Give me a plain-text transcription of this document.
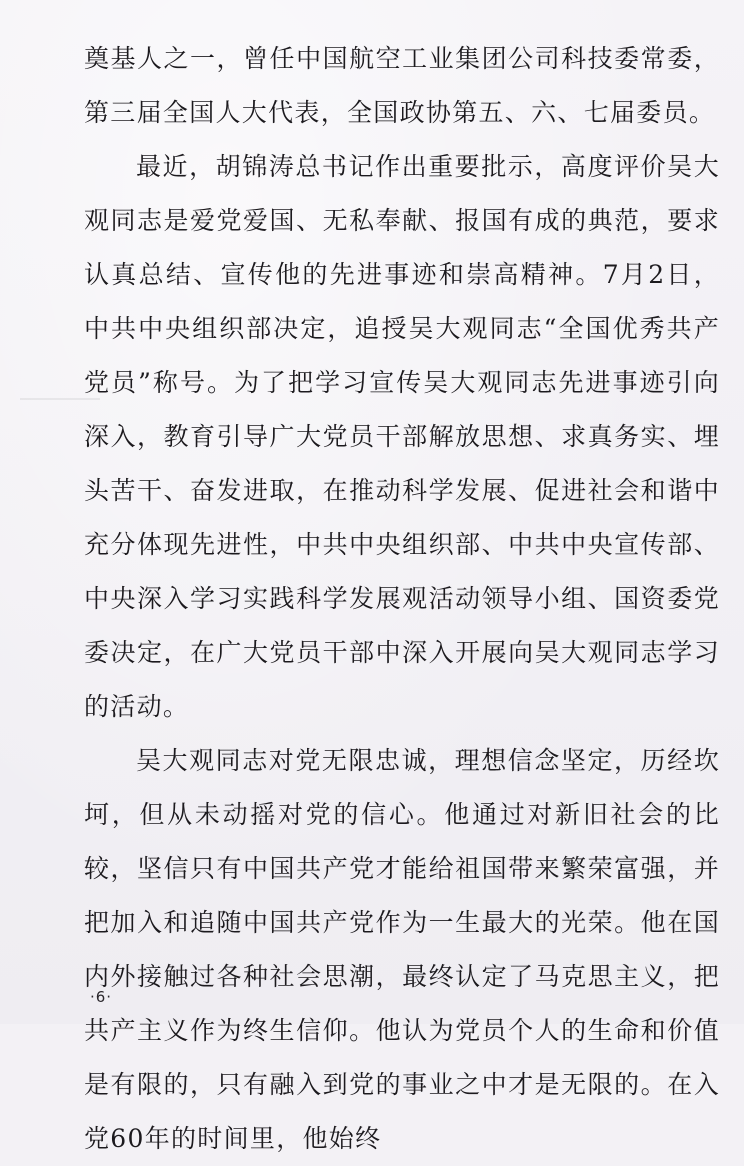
奠基人之一，曾任中国航空工业集团公司科技委常委，第三届全国人大代表，全国政协第五、六、七届委员。

最近，胡锦涛总书记作出重要批示，高度评价吴大观同志是爱党爱国、无私奉献、报国有成的典范，要求认真总结、宣传他的先进事迹和崇高精神。7月2日，中共中央组织部决定，追授吴大观同志“全国优秀共产党员”称号。为了把学习宣传吴大观同志先进事迹引向深入，教育引导广大党员干部解放思想、求真务实、埋头苦干、奋发进取，在推动科学发展、促进社会和谐中充分体现先进性，中共中央组织部、中共中央宣传部、中央深入学习实践科学发展观活动领导小组、国资委党委决定，在广大党员干部中深入开展向吴大观同志学习的活动。

吴大观同志对党无限忠诚，理想信念坚定，历经坎坷，但从未动摇对党的信心。他通过对新旧社会的比较，坚信只有中国共产党才能给祖国带来繁荣富强，并把加入和追随中国共产党作为一生最大的光荣。他在国内外接触过各种社会思潮，最终认定了马克思主义，把共产主义作为终生信仰。他认为党员个人的生命和价值是有限的，只有融入到党的事业之中才是无限的。在入党60年的时间里，他始终

·6·
